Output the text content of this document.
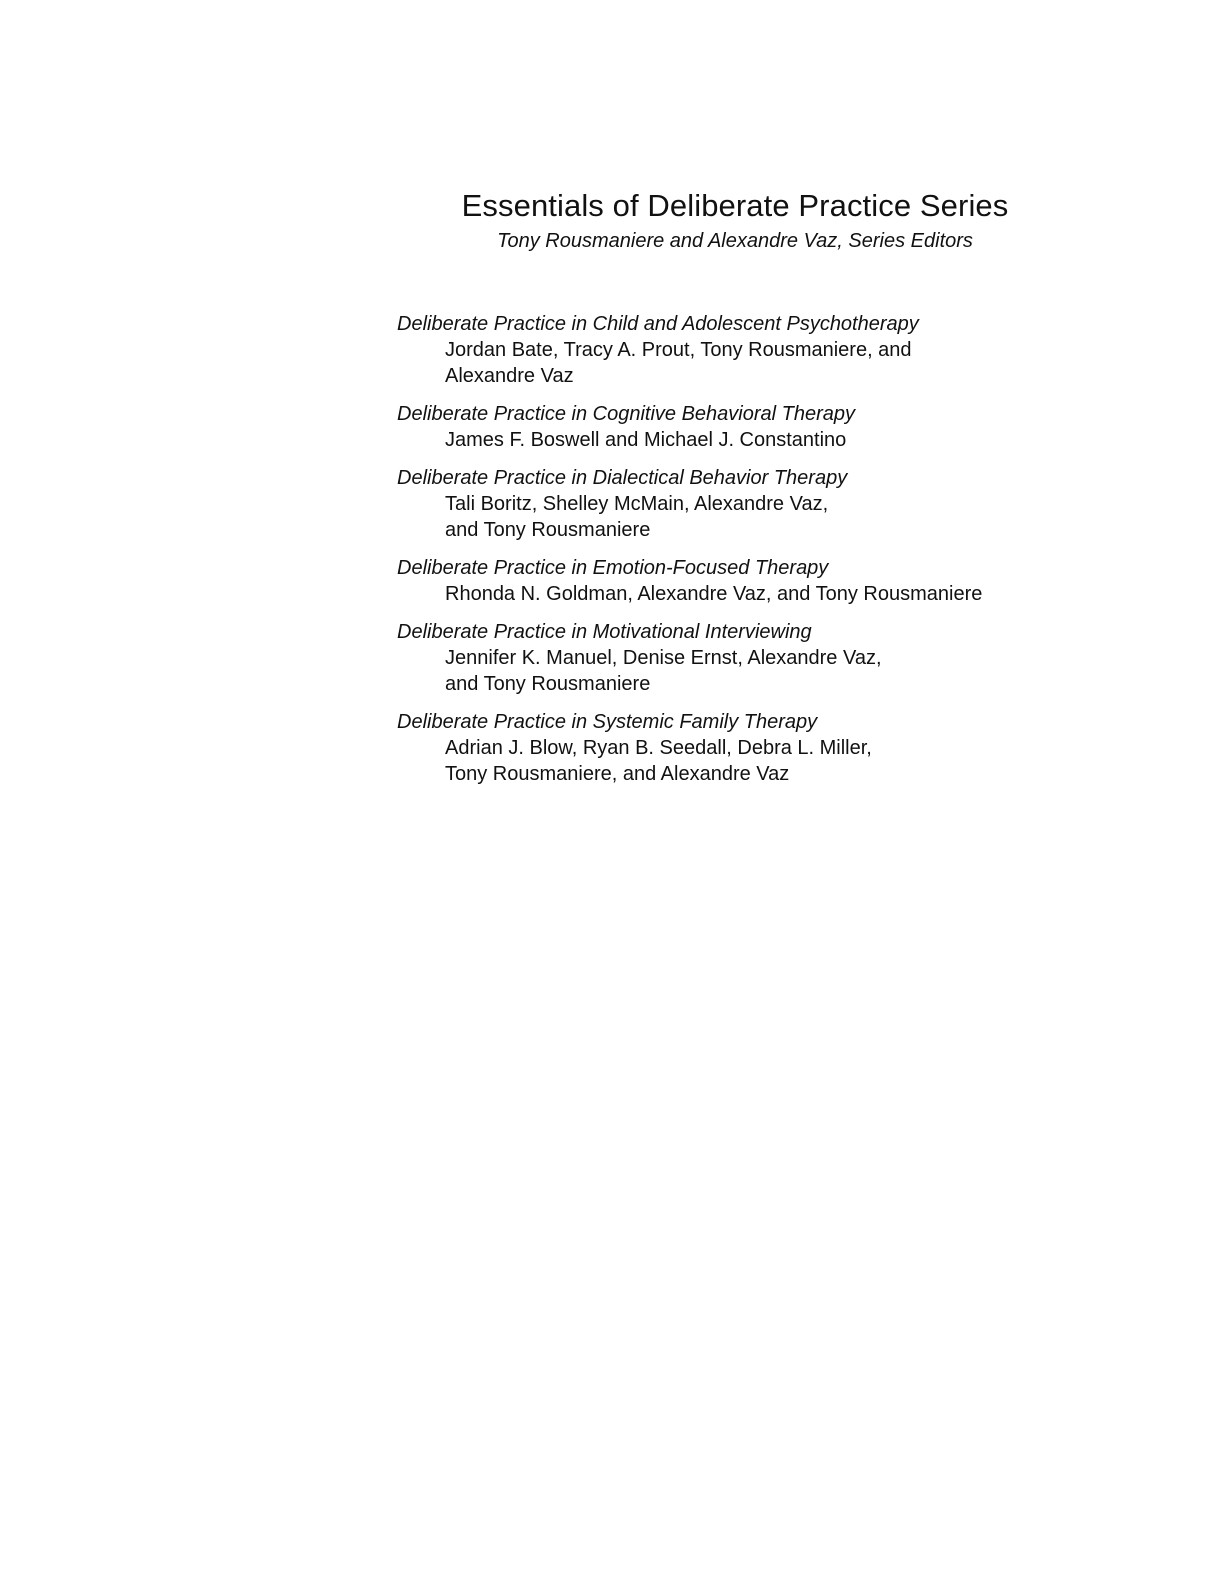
Essentials of Deliberate Practice Series

Tony Rousmaniere and Alexandre Vaz, Series Editors

Deliberate Practice in Child and Adolescent Psychotherapy
Jordan Bate, Tracy A. Prout, Tony Rousmaniere, and
Alexandre Vaz
Deliberate Practice in Cognitive Behavioral Therapy
James F. Boswell and Michael J. Constantino
Deliberate Practice in Dialectical Behavior Therapy
Tali Boritz, Shelley McMain, Alexandre Vaz,
and Tony Rousmaniere
Deliberate Practice in Emotion-Focused Therapy
Rhonda N. Goldman, Alexandre Vaz, and Tony Rousmaniere
Deliberate Practice in Motivational Interviewing
Jennifer K. Manuel, Denise Ernst, Alexandre Vaz,
and Tony Rousmaniere
Deliberate Practice in Systemic Family Therapy
Adrian J. Blow, Ryan B. Seedall, Debra L. Miller,
Tony Rousmaniere, and Alexandre Vaz
